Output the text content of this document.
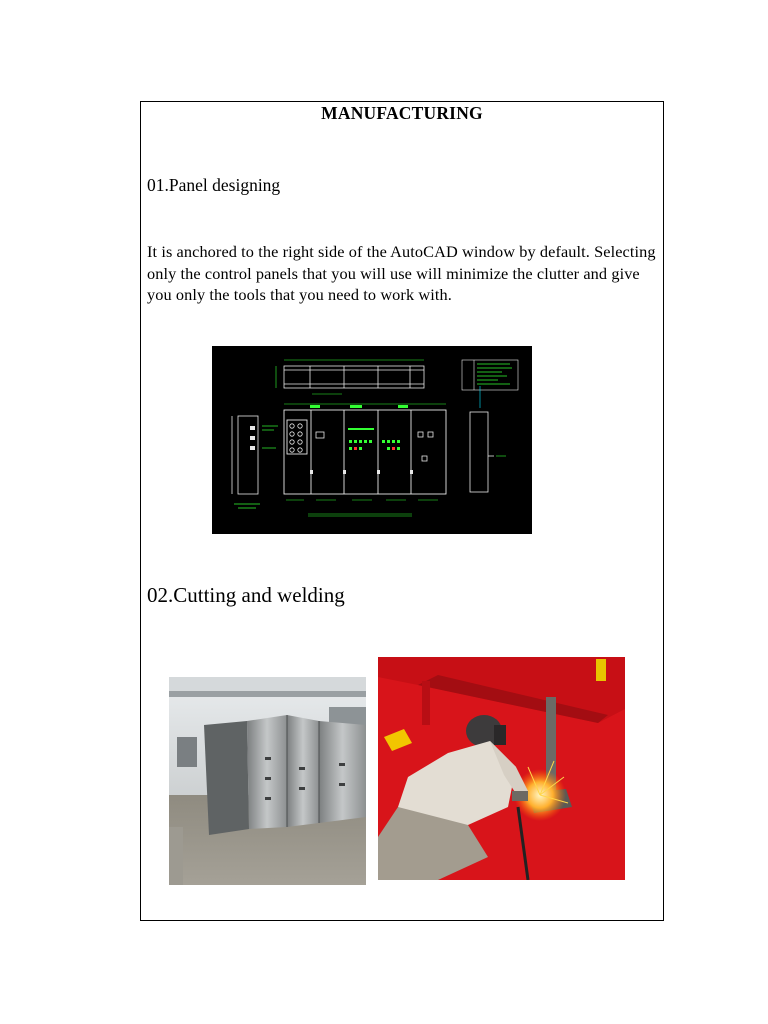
MANUFACTURING
01.Panel designing
It is anchored to the right side of the AutoCAD window by default. Selecting only the control panels that you will use will minimize the clutter and give you only the tools that you need to work with.
02.Cutting and welding
